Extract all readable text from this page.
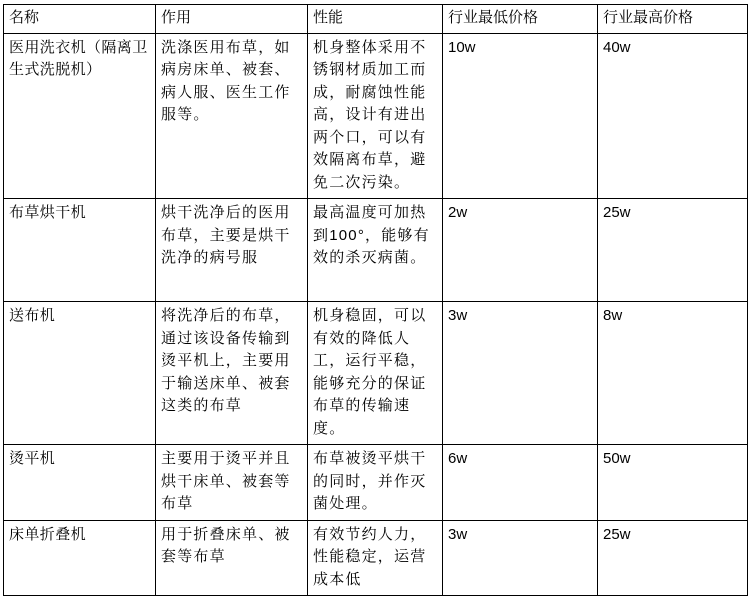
名称	作用	性能	行业最低价格	行业最高价格
医用洗衣机（隔离卫生式洗脱机）	洗涤医用布草，如病房床单、被套、病人服、医生工作服等。	机身整体采用不锈钢材质加工而成，耐腐蚀性能高，设计有进出两个口，可以有效隔离布草，避免二次污染。	10w	40w
布草烘干机	烘干洗净后的医用布草，主要是烘干洗净的病号服	最高温度可加热到100°，能够有效的杀灭病菌。	2w	25w
送布机	将洗净后的布草，通过该设备传输到烫平机上，主要用于输送床单、被套这类的布草	机身稳固，可以有效的降低人工，运行平稳，能够充分的保证布草的传输速度。	3w	8w
烫平机	主要用于烫平并且烘干床单、被套等布草	布草被烫平烘干的同时，并作灭菌处理。	6w	50w
床单折叠机	用于折叠床单、被套等布草	有效节约人力，性能稳定，运营成本低	3w	25w
